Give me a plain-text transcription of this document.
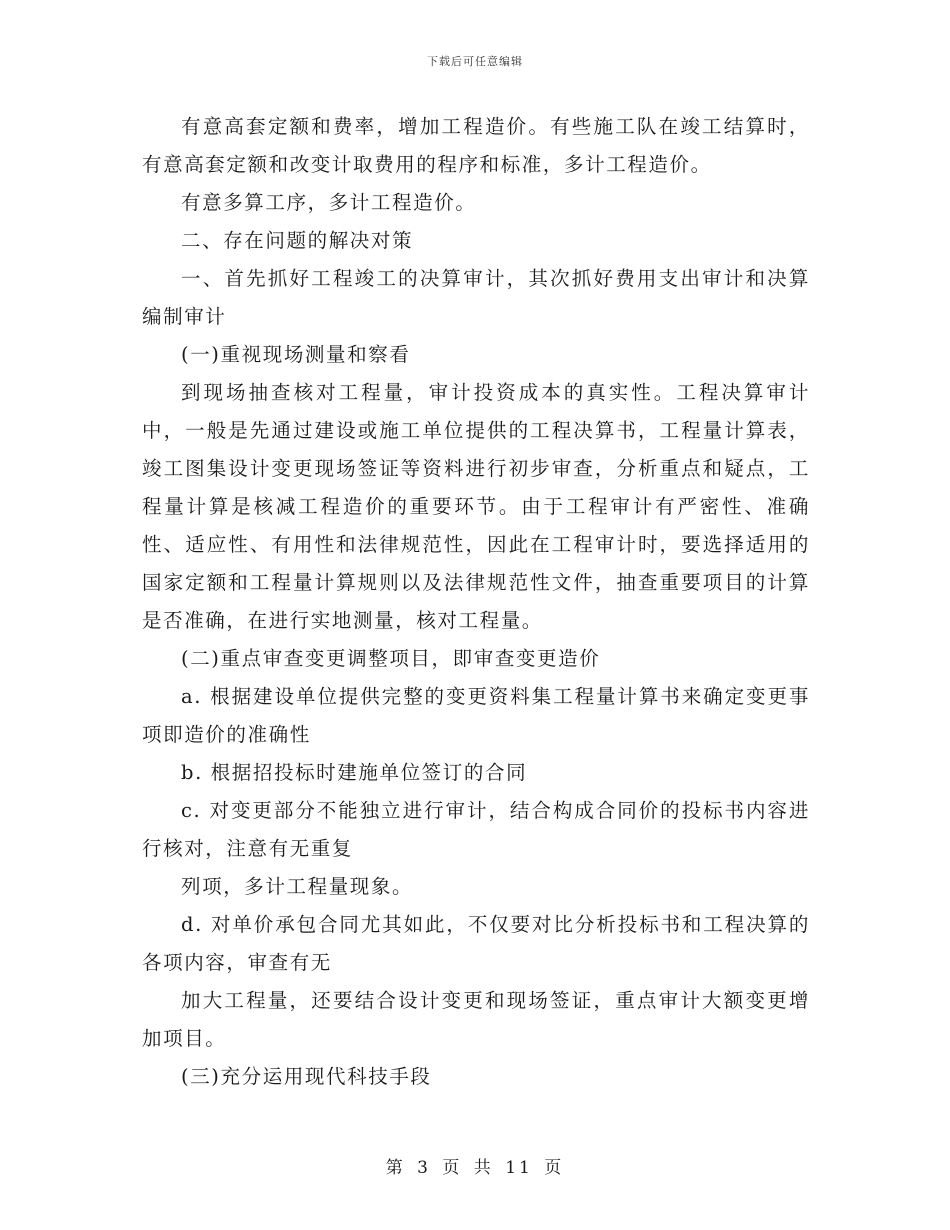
下载后可任意编辑

有意高套定额和费率，增加工程造价。有些施工队在竣工结算时，有意高套定额和改变计取费用的程序和标准，多计工程造价。

有意多算工序，多计工程造价。

二、存在问题的解决对策

一、首先抓好工程竣工的决算审计，其次抓好费用支出审计和决算编制审计

(一)重视现场测量和察看

到现场抽查核对工程量，审计投资成本的真实性。工程决算审计中，一般是先通过建设或施工单位提供的工程决算书，工程量计算表，竣工图集设计变更现场签证等资料进行初步审查，分析重点和疑点，工程量计算是核减工程造价的重要环节。由于工程审计有严密性、准确性、适应性、有用性和法律规范性，因此在工程审计时，要选择适用的国家定额和工程量计算规则以及法律规范性文件，抽查重要项目的计算是否准确，在进行实地测量，核对工程量。

(二)重点审查变更调整项目，即审查变更造价

a. 根据建设单位提供完整的变更资料集工程量计算书来确定变更事项即造价的准确性

b. 根据招投标时建施单位签订的合同

c. 对变更部分不能独立进行审计，结合构成合同价的投标书内容进行核对，注意有无重复

列项，多计工程量现象。

d. 对单价承包合同尤其如此，不仅要对比分析投标书和工程决算的各项内容，审查有无

加大工程量，还要结合设计变更和现场签证，重点审计大额变更增加项目。

(三)充分运用现代科技手段

第 3 页 共 11 页
